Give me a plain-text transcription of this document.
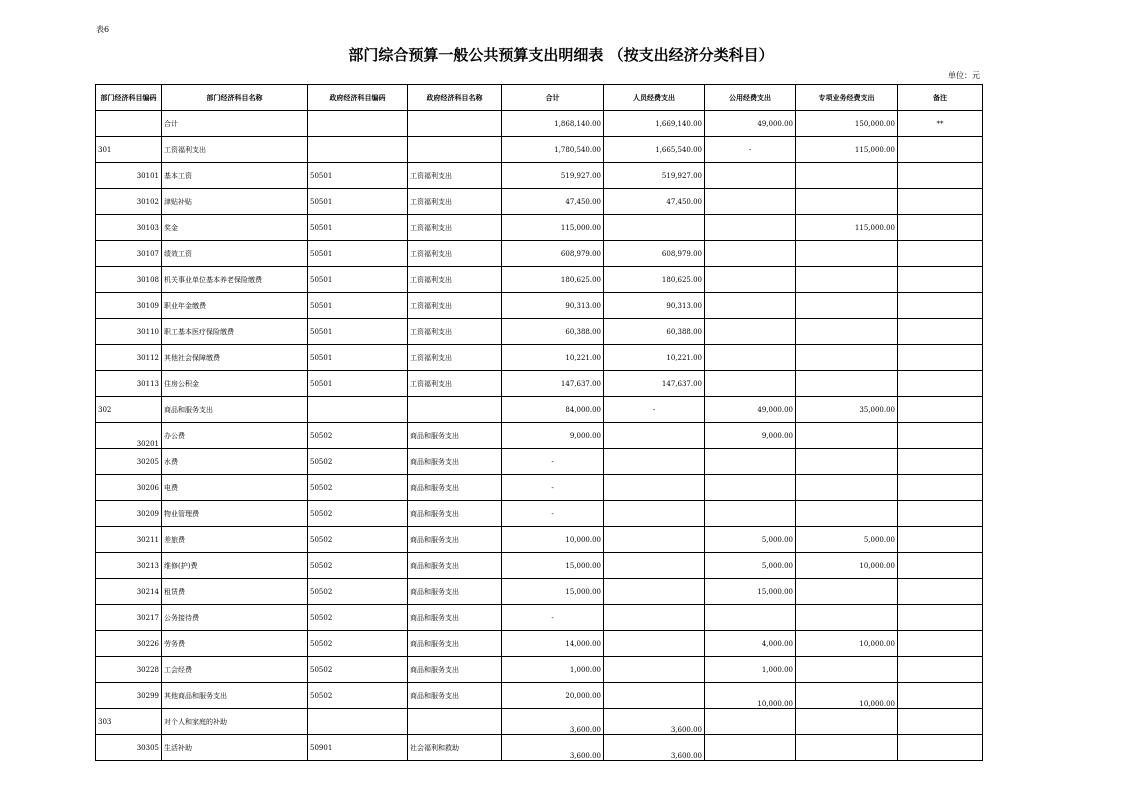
表6
部门综合预算一般公共预算支出明细表 （按支出经济分类科目）
单位：元
部门经济科目编码	部门经济科目名称	政府经济科目编码	政府经济科目名称	合计	人员经费支出	公用经费支出	专项业务经费支出	备注
	合计			1,868,140.00	1,669,140.00	49,000.00	150,000.00	**
301	工资福利支出			1,780,540.00	1,665,540.00	-	115,000.00	
30101	基本工资	50501	工资福利支出	519,927.00	519,927.00			
30102	津贴补贴	50501	工资福利支出	47,450.00	47,450.00			
30103	奖金	50501	工资福利支出	115,000.00			115,000.00	
30107	绩效工资	50501	工资福利支出	608,979.00	608,979.00			
30108	机关事业单位基本养老保险缴费	50501	工资福利支出	180,625.00	180,625.00			
30109	职业年金缴费	50501	工资福利支出	90,313.00	90,313.00			
30110	职工基本医疗保险缴费	50501	工资福利支出	60,388.00	60,388.00			
30112	其他社会保障缴费	50501	工资福利支出	10,221.00	10,221.00			
30113	住房公积金	50501	工资福利支出	147,637.00	147,637.00			
302	商品和服务支出			84,000.00	-	49,000.00	35,000.00	
30201	办公费	50502	商品和服务支出	9,000.00		9,000.00		
30205	水费	50502	商品和服务支出	-				
30206	电费	50502	商品和服务支出	-				
30209	物业管理费	50502	商品和服务支出	-				
30211	差旅费	50502	商品和服务支出	10,000.00		5,000.00	5,000.00	
30213	维修(护)费	50502	商品和服务支出	15,000.00		5,000.00	10,000.00	
30214	租赁费	50502	商品和服务支出	15,000.00		15,000.00		
30217	公务接待费	50502	商品和服务支出	-				
30226	劳务费	50502	商品和服务支出	14,000.00		4,000.00	10,000.00	
30228	工会经费	50502	商品和服务支出	1,000.00		1,000.00		
30299	其他商品和服务支出	50502	商品和服务支出	20,000.00		10,000.00	10,000.00	
303	对个人和家庭的补助			3,600.00	3,600.00			
30305	生活补助	50901	社会福利和救助	3,600.00	3,600.00			
